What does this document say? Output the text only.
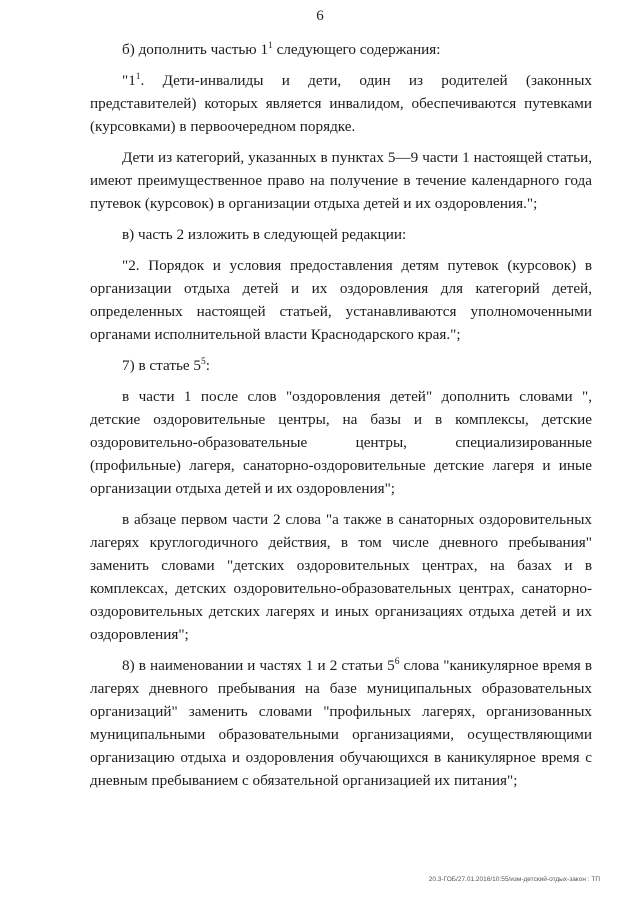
6

б) дополнить частью $1^1$ следующего содержания:

"$1^1$. Дети-инвалиды и дети, один из родителей (законных представителей) которых является инвалидом, обеспечиваются путевками (курсовками) в первоочередном порядке.

Дети из категорий, указанных в пунктах 5—9 части 1 настоящей статьи, имеют преимущественное право на получение в течение календарного года путевок (курсовок) в организации отдыха детей и их оздоровления.";

в) часть 2 изложить в следующей редакции:

"2. Порядок и условия предоставления детям путевок (курсовок) в организации отдыха детей и их оздоровления для категорий детей, определенных настоящей статьей, устанавливаются уполномоченными органами исполнительной власти Краснодарского края.";

7) в статье $5^5$:

в части 1 после слов "оздоровления детей" дополнить словами ", детские оздоровительные центры, на базы и в комплексы, детские оздоровительно-образовательные центры, специализированные (профильные) лагеря, санаторно-оздоровительные детские лагеря и иные организации отдыха детей и их оздоровления";

в абзаце первом части 2 слова "а также в санаторных оздоровительных лагерях круглогодичного действия, в том числе дневного пребывания" заменить словами "детских оздоровительных центрах, на базах и в комплексах, детских оздоровительно-образовательных центрах, санаторно-оздоровительных детских лагерях и иных организациях отдыха детей и их оздоровления";

8) в наименовании и частях 1 и 2 статьи $5^6$ слова "каникулярное время в лагерях дневного пребывания на базе муниципальных образовательных организаций" заменить словами "профильных лагерях, организованных муниципальными образовательными организациями, осуществляющими организацию отдыха и оздоровления обучающихся в каникулярное время с дневным пребыванием с обязательной организацией их питания";

20.3-ГОБ/27.01.2016/10:55/изм-детский-отдых-закон : ТП
